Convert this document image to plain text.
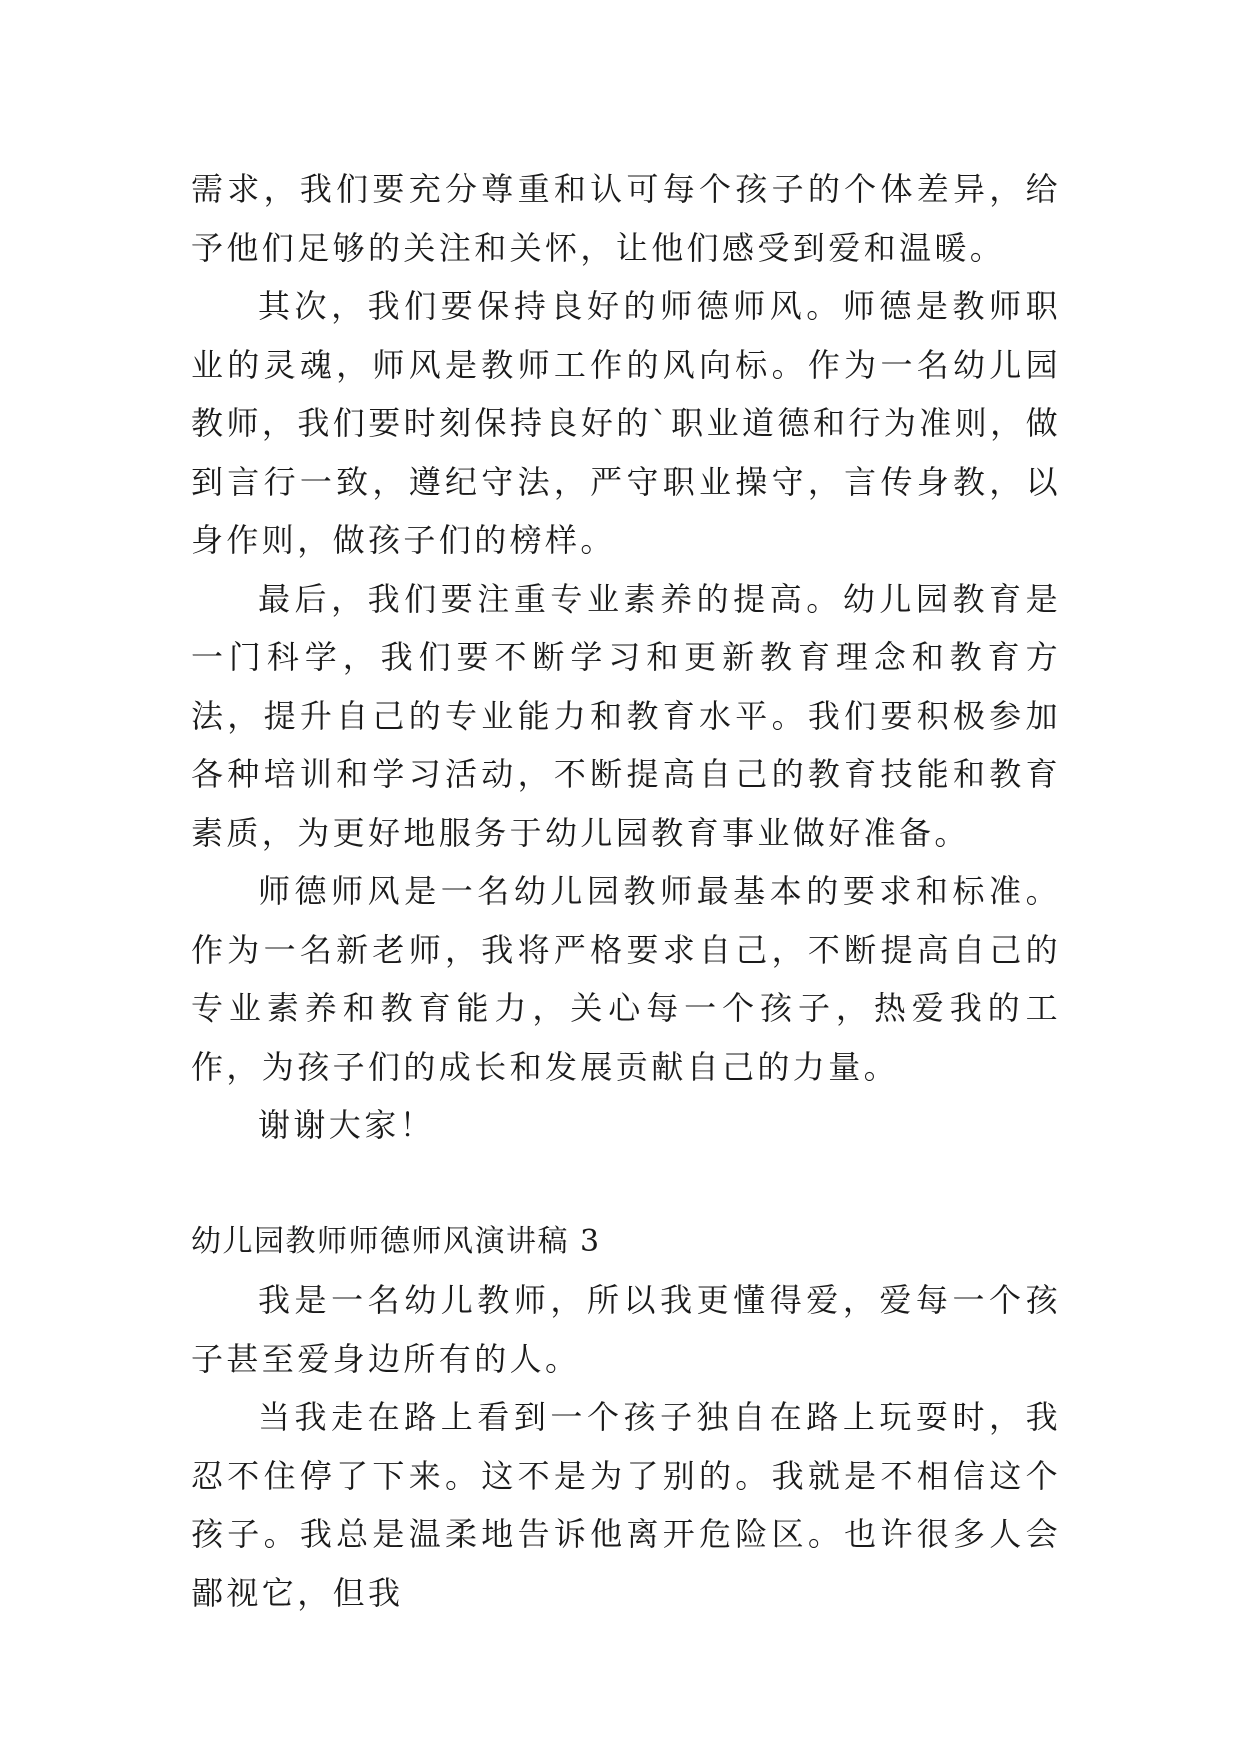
需求，我们要充分尊重和认可每个孩子的个体差异，给予他们足够的关注和关怀，让他们感受到爱和温暖。

其次，我们要保持良好的师德师风。师德是教师职业的灵魂，师风是教师工作的风向标。作为一名幼儿园教师，我们要时刻保持良好的`职业道德和行为准则，做到言行一致，遵纪守法，严守职业操守，言传身教，以身作则，做孩子们的榜样。

最后，我们要注重专业素养的提高。幼儿园教育是一门科学，我们要不断学习和更新教育理念和教育方法，提升自己的专业能力和教育水平。我们要积极参加各种培训和学习活动，不断提高自己的教育技能和教育素质，为更好地服务于幼儿园教育事业做好准备。

师德师风是一名幼儿园教师最基本的要求和标准。作为一名新老师，我将严格要求自己，不断提高自己的专业素养和教育能力，关心每一个孩子，热爱我的工作，为孩子们的成长和发展贡献自己的力量。

谢谢大家！

幼儿园教师师德师风演讲稿 3

我是一名幼儿教师，所以我更懂得爱，爱每一个孩子甚至爱身边所有的人。

当我走在路上看到一个孩子独自在路上玩耍时，我忍不住停了下来。这不是为了别的。我就是不相信这个孩子。我总是温柔地告诉他离开危险区。也许很多人会鄙视它，但我
